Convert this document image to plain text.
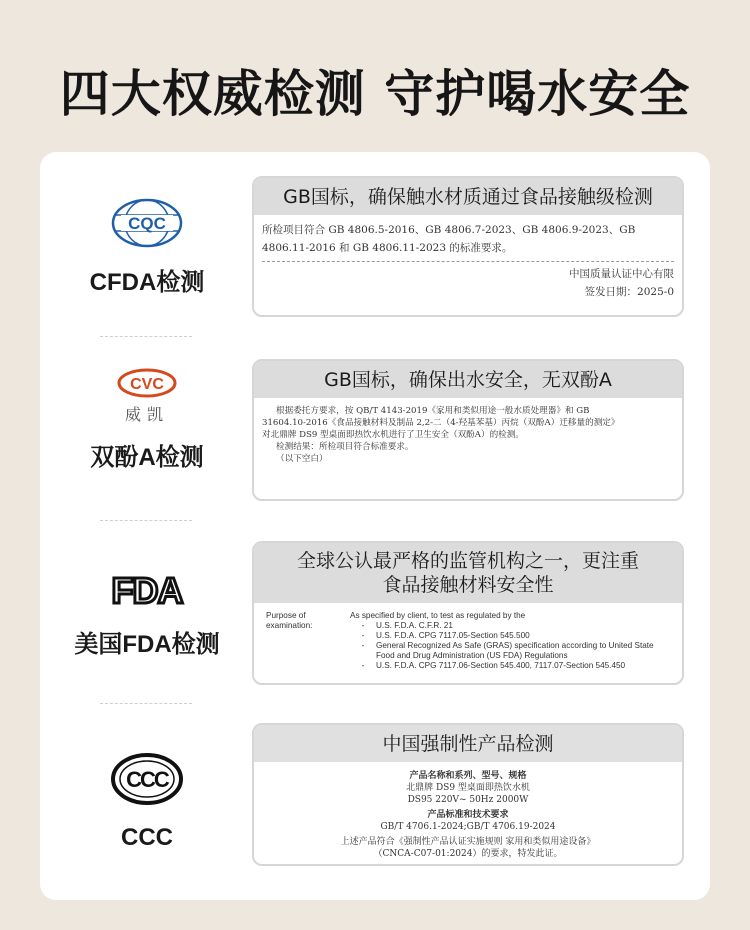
四大权威检测 守护喝水安全
CQC
CFDA检测
GB国标，确保触水材质通过食品接触级检测
所检项目符合 GB 4806.5-2016、GB 4806.7-2023、GB 4806.9-2023、GB 4806.11-2016 和 GB 4806.11-2023 的标准要求。
中国质量认证中心有限
签发日期：2025-0
CVC
威凯
双酚A检测
GB国标，确保出水安全，无双酚A
根据委托方要求，按 QB/T 4143-2019《家用和类似用途一般水质处理器》和 GB
31604.10-2016《食品接触材料及制品 2,2-二（4-羟基苯基）丙烷（双酚A）迁移量的测定》
对北鼎牌 DS9 型桌面即热饮水机进行了卫生安全（双酚A）的检测。
检测结果：所检项目符合标准要求。
（以下空白）
FDA
美国FDA检测
全球公认最严格的监管机构之一，更注重食品接触材料安全性
Purpose of examination:
As specified by client, to test as regulated by the
-	U.S. F.D.A. C.F.R. 21
-	U.S. F.D.A. CPG 7117.05-Section 545.500
-	General Recognized As Safe (GRAS) specification according to United State Food and Drug Administration (US FDA) Regulations
-	U.S. F.D.A. CPG 7117.06-Section 545.400, 7117.07-Section 545.450
CCC
CCC
中国强制性产品检测
产品名称和系列、型号、规格
北鼎牌 DS9 型桌面即热饮水机
DS95 220V~ 50Hz 2000W
产品标准和技术要求
GB/T 4706.1-2024;GB/T 4706.19-2024
上述产品符合《强制性产品认证实施规则 家用和类似用途设备》
（CNCA-C07-01:2024）的要求，特发此证。
